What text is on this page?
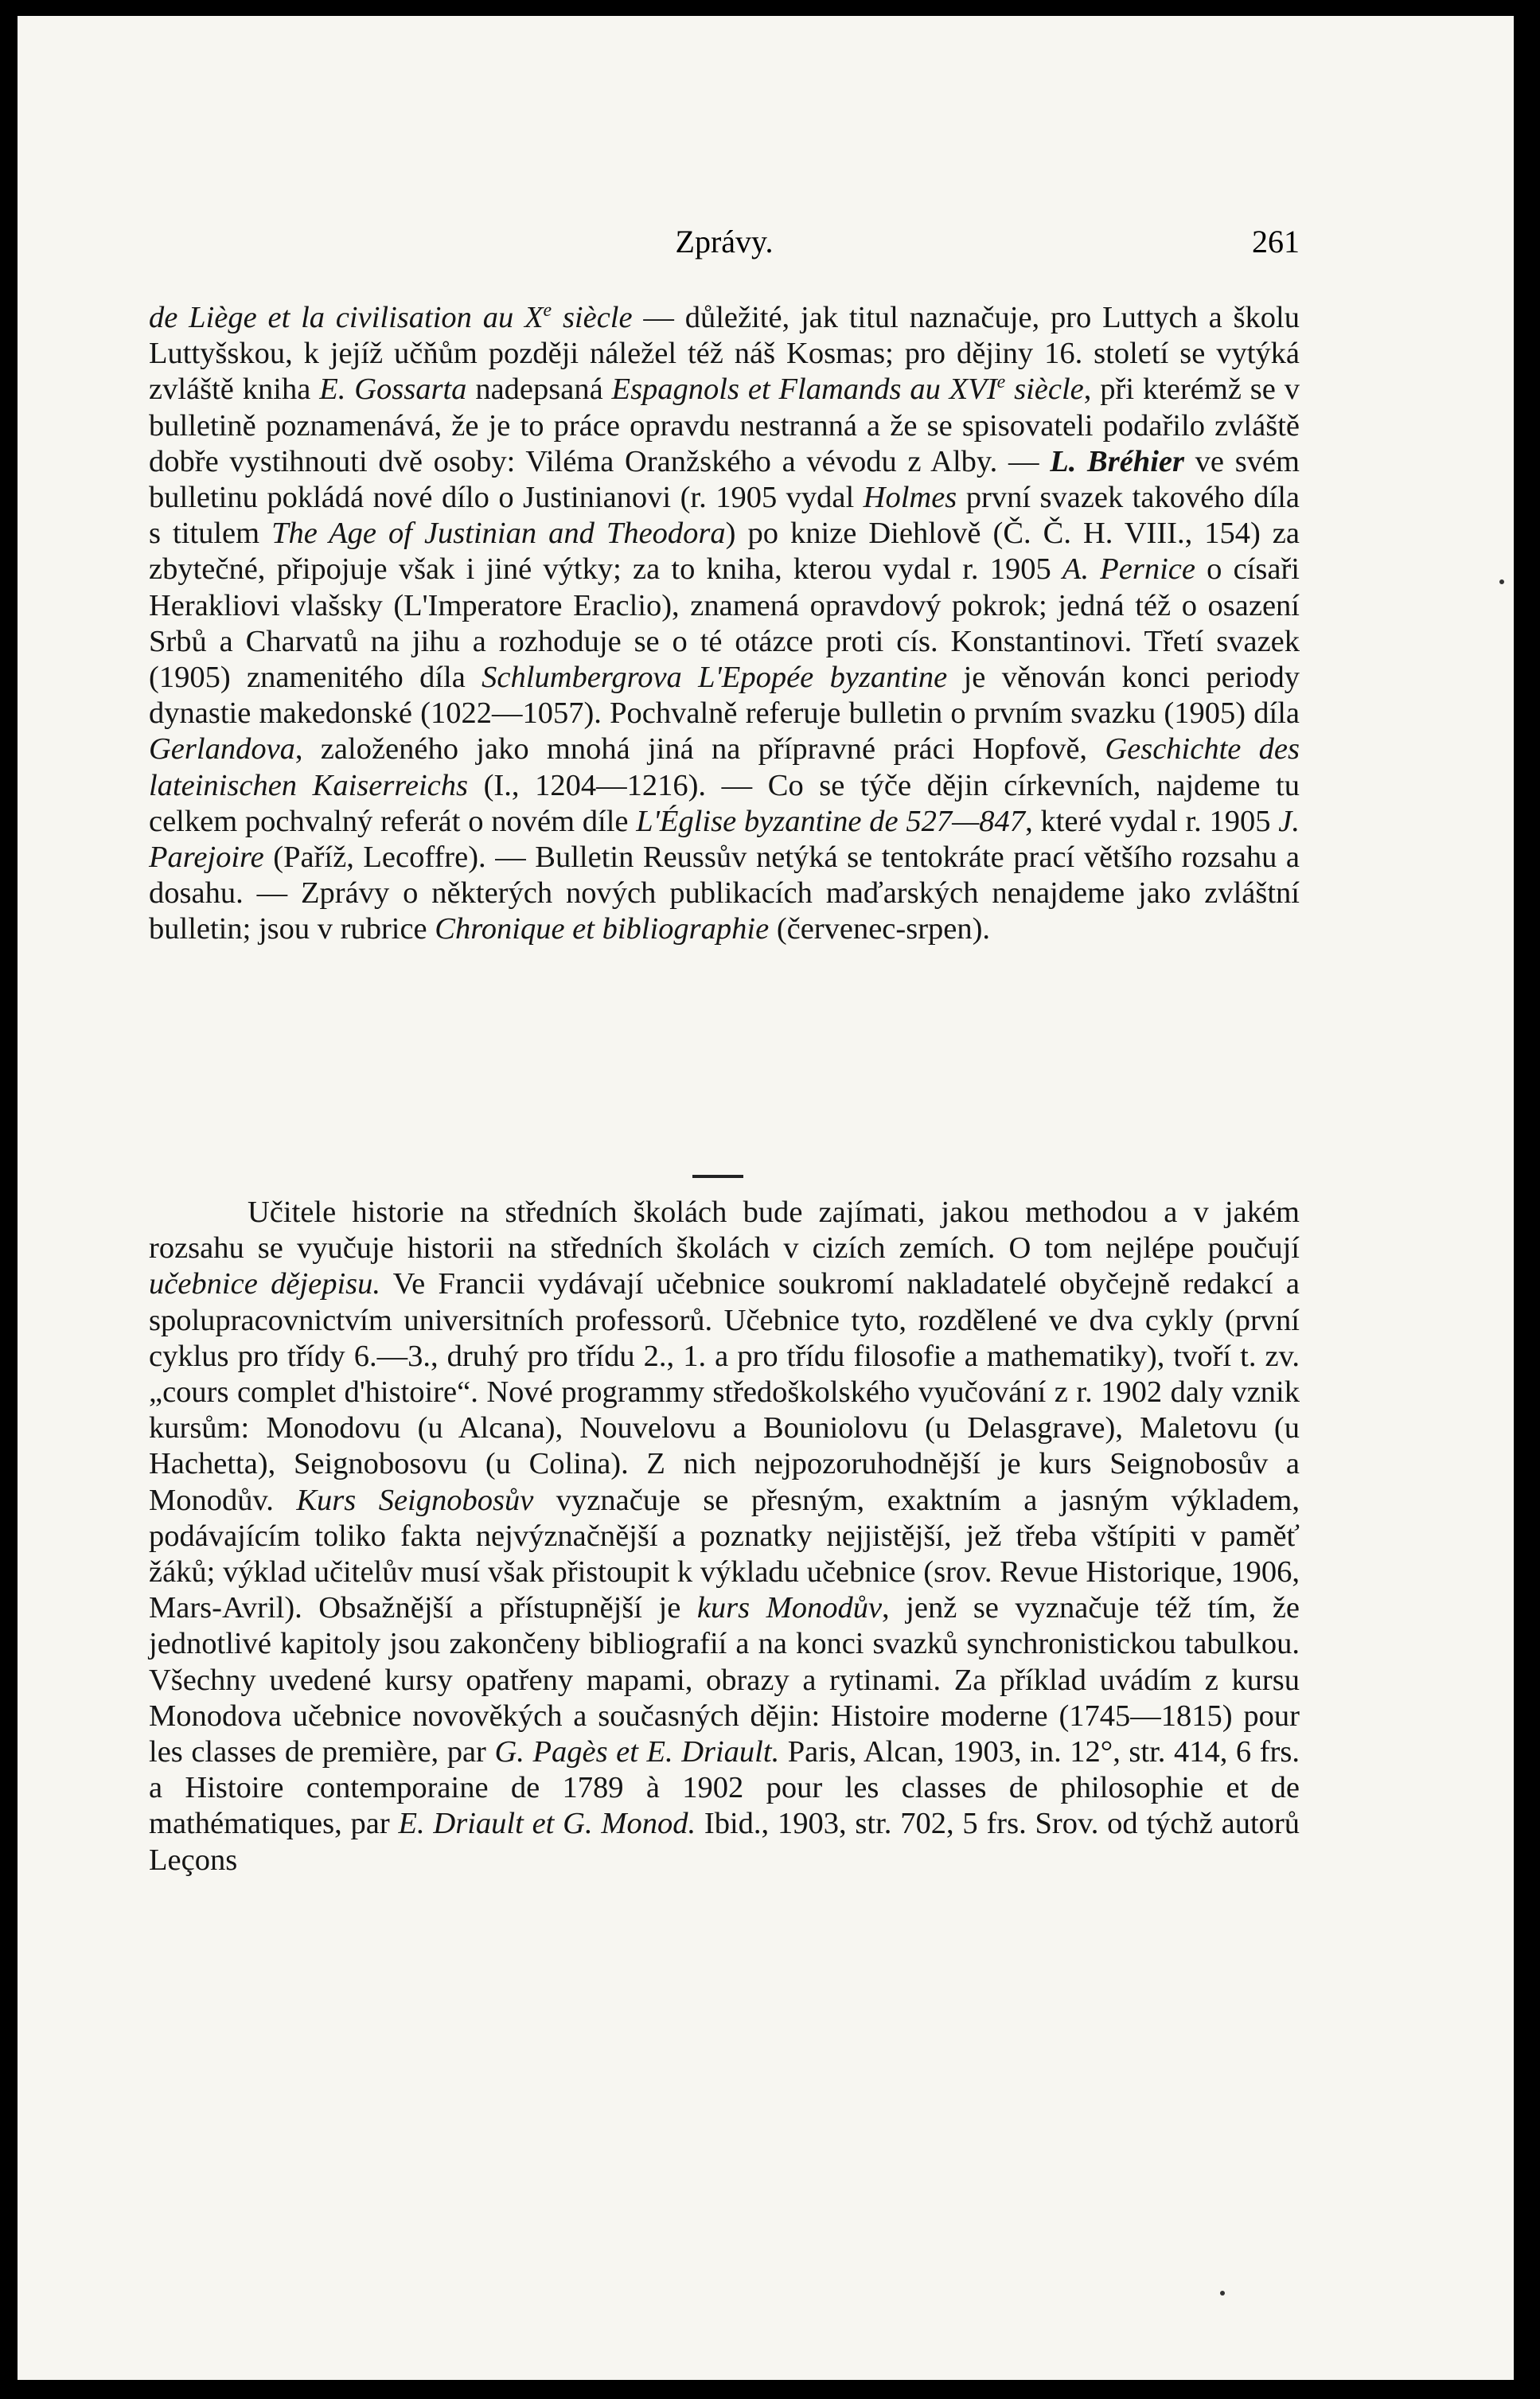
Zprávy.	261

de Liège et la civilisation au Xe siècle — důležité, jak titul naznačuje, pro Luttych a školu Luttyšskou, k jejíž učňům později náležel též náš Kosmas; pro dějiny 16. století se vytýká zvláště kniha E. Gossarta nadepsaná Espagnols et Flamands au XVIe siècle, při kterémž se v bulletině poznamenává, že je to práce opravdu nestranná a že se spisovateli podařilo zvláště dobře vystihnouti dvě osoby: Viléma Oranžského a vévodu z Alby. — L. Bréhier ve svém bulletinu pokládá nové dílo o Justinianovi (r. 1905 vydal Holmes první svazek takového díla s titulem The Age of Justinian and Theodora) po knize Diehlově (Č. Č. H. VIII., 154) za zbytečné, připojuje však i jiné výtky; za to kniha, kterou vydal r. 1905 A. Pernice o císaři Herakliovi vlašsky (L'Imperatore Eraclio), znamená opravdový pokrok; jedná též o osazení Srbů a Charvatů na jihu a rozhoduje se o té otázce proti cís. Konstantinovi. Třetí svazek (1905) znamenitého díla Schlumbergrova L'Epopée byzantine je věnován konci periody dynastie makedonské (1022—1057). Pochvalně referuje bulletin o prvním svazku (1905) díla Gerlandova, založeného jako mnohá jiná na přípravné práci Hopfově, Geschichte des lateinischen Kaiserreichs (I., 1204—1216). — Co se týče dějin církevních, najdeme tu celkem pochvalný referát o novém díle L'Église byzantine de 527—847, které vydal r. 1905 J. Parejoire (Paříž, Lecoffre). — Bulletin Reussův netýká se tentokráte prací většího rozsahu a dosahu. — Zprávy o některých nových publikacích maďarských nenajdeme jako zvláštní bulletin; jsou v rubrice Chronique et bibliographie (červenec-srpen).

Učitele historie na středních školách bude zajímati, jakou methodou a v jakém rozsahu se vyučuje historii na středních školách v cizích zemích. O tom nejlépe poučují učebnice dějepisu. Ve Francii vydávají učebnice soukromí nakladatelé obyčejně redakcí a spolupracovnictvím universitních professorů. Učebnice tyto, rozdělené ve dva cykly (první cyklus pro třídy 6.—3., druhý pro třídu 2., 1. a pro třídu filosofie a mathematiky), tvoří t. zv. „cours complet d'histoire“. Nové programmy středoškolského vyučování z r. 1902 daly vznik kursům: Monodovu (u Alcana), Nouvelovu a Bouniolovu (u Delasgrave), Maletovu (u Hachetta), Seignobosovu (u Colina). Z nich nejpozoruhodnější je kurs Seignobosův a Monodův. Kurs Seignobosův vyznačuje se přesným, exaktním a jasným výkladem, podávajícím toliko fakta nejvýznačnější a poznatky nejjistější, jež třeba vštípiti v paměť žáků; výklad učitelův musí však přistoupit k výkladu učebnice (srov. Revue Historique, 1906, Mars-Avril). Obsažnější a přístupnější je kurs Monodův, jenž se vyznačuje též tím, že jednotlivé kapitoly jsou zakončeny bibliografií a na konci svazků synchronistickou tabulkou. Všechny uvedené kursy opatřeny mapami, obrazy a rytinami. Za příklad uvádím z kursu Monodova učebnice novověkých a současných dějin: Histoire moderne (1745—1815) pour les classes de première, par G. Pagès et E. Driault. Paris, Alcan, 1903, in. 12°, str. 414, 6 frs. a Histoire contemporaine de 1789 à 1902 pour les classes de philosophie et de mathématiques, par E. Driault et G. Monod. Ibid., 1903, str. 702, 5 frs. Srov. od týchž autorů Leçons
